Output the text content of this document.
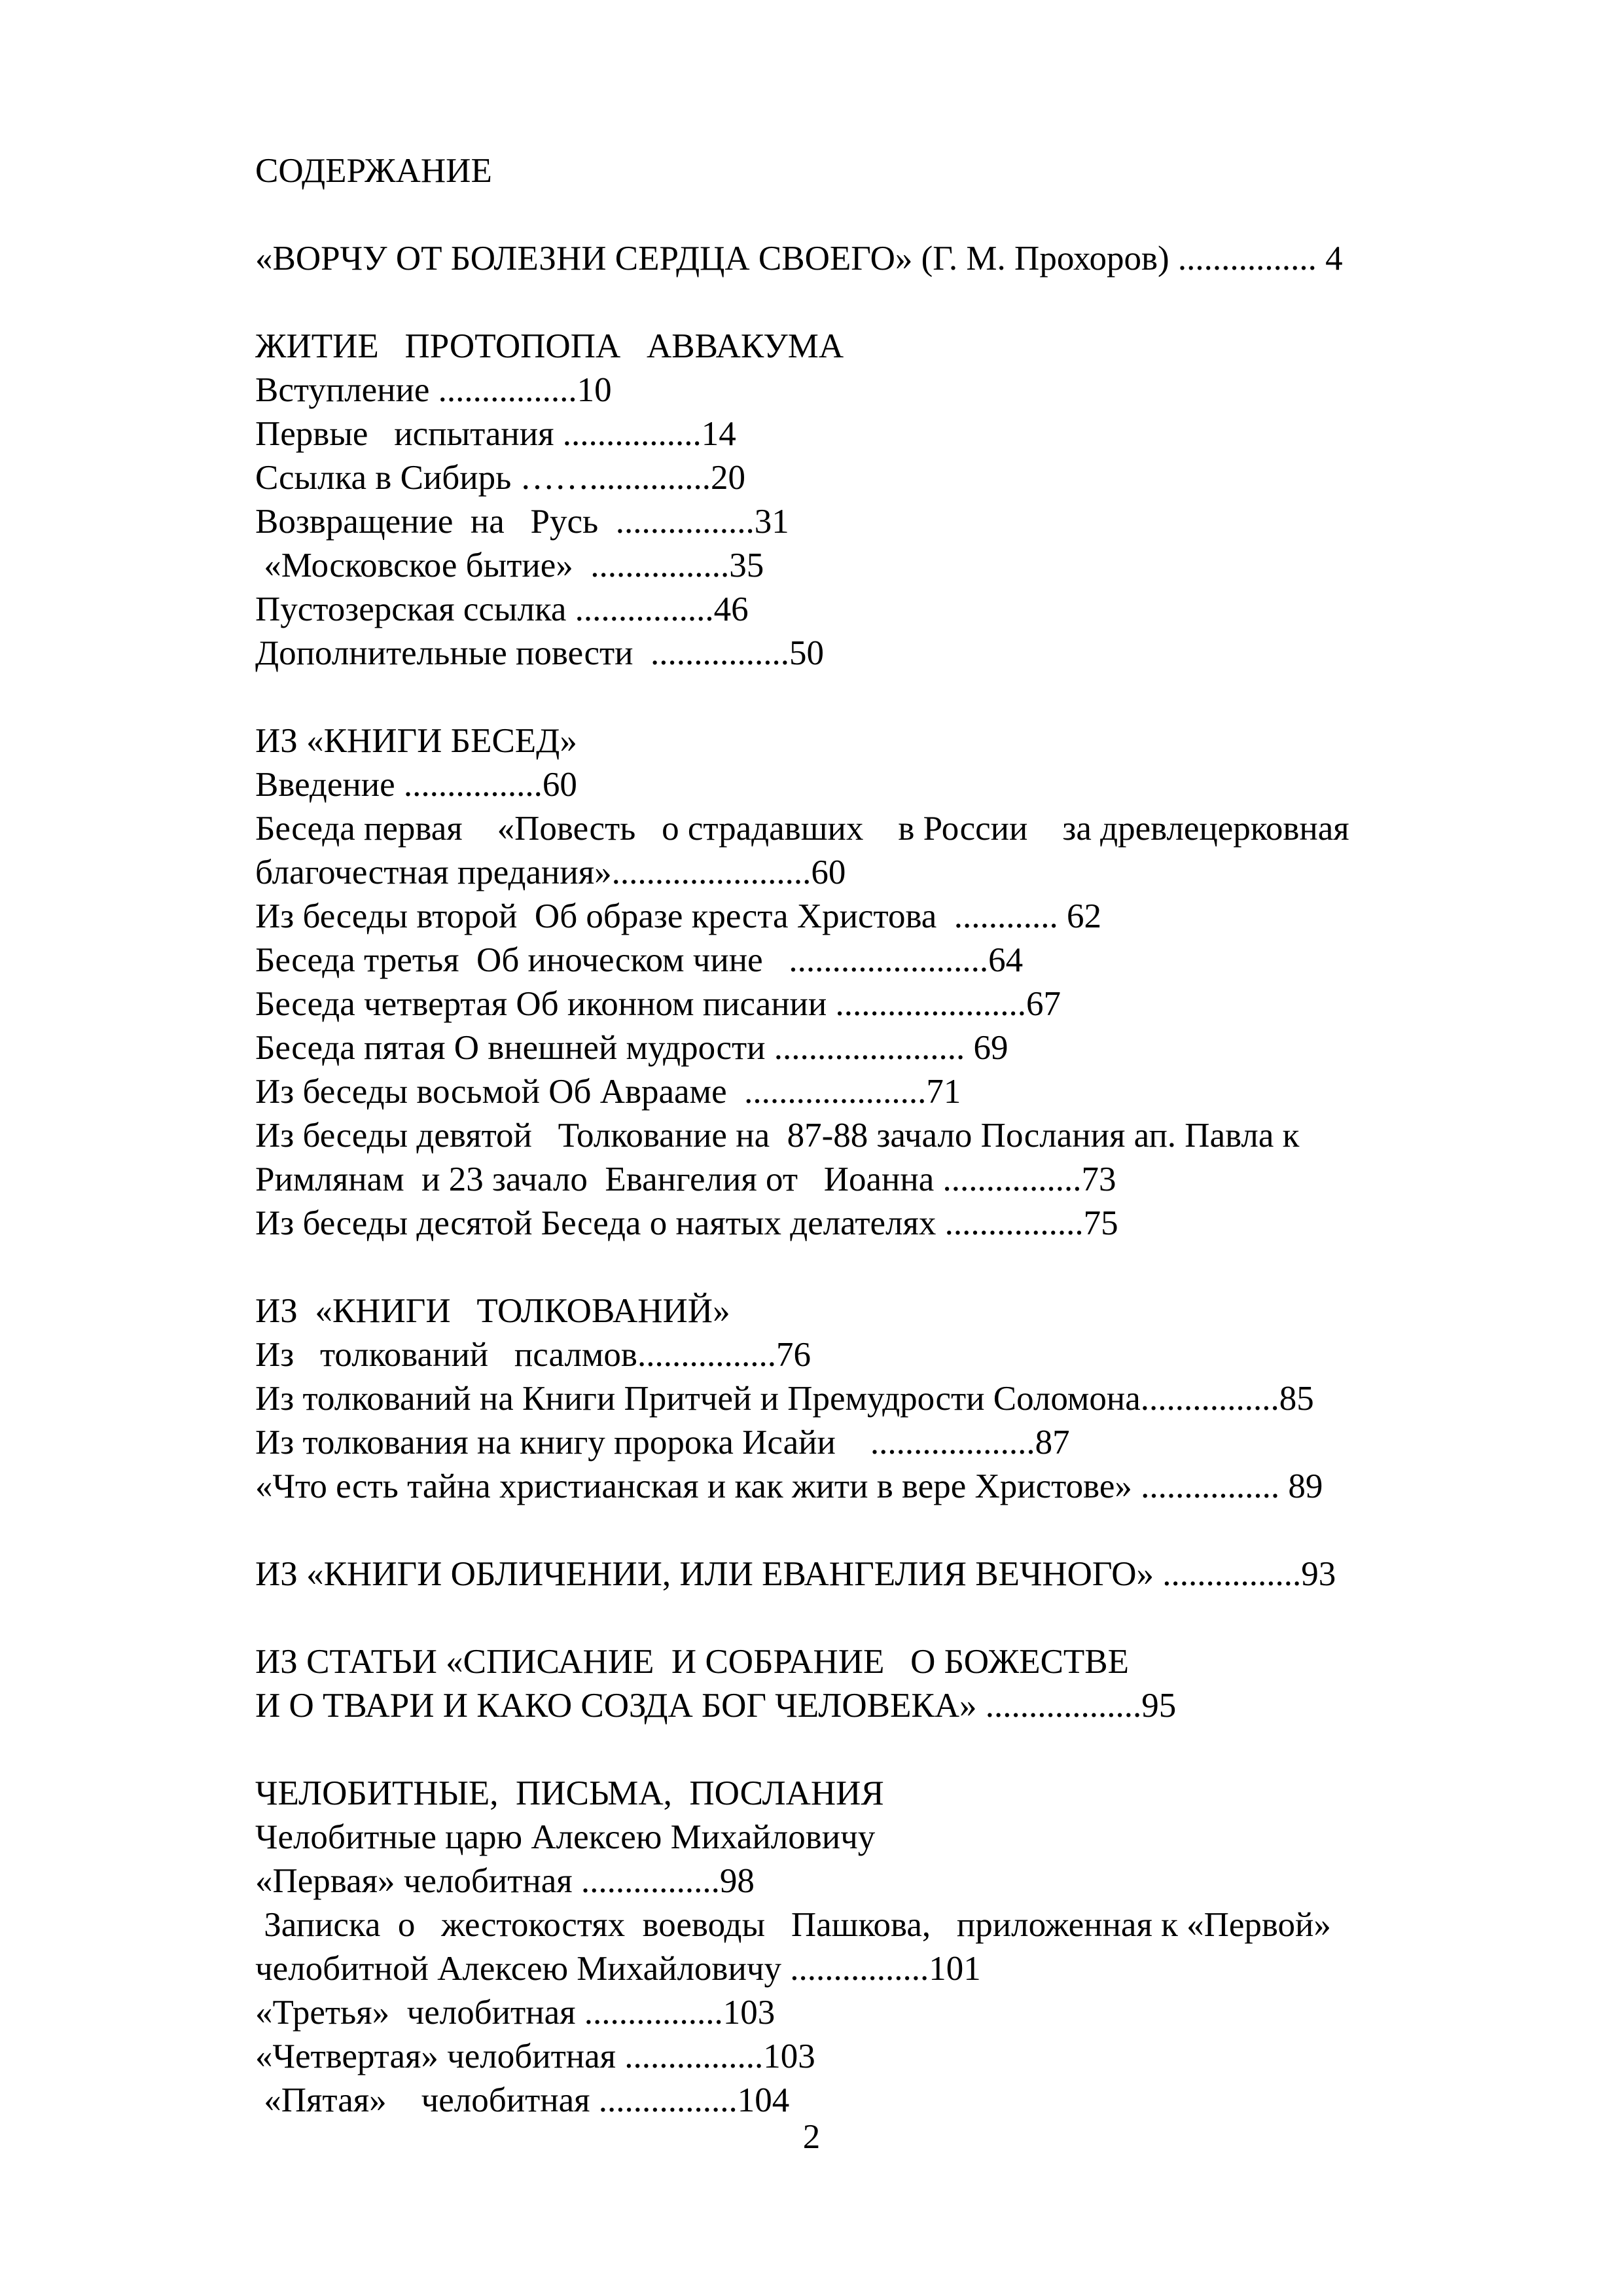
СОДЕРЖАНИЕ
«ВОРЧУ ОТ БОЛЕЗНИ СЕРДЦА СВОЕГО» (Г. М. Прохоров) ................ 4
ЖИТИЕ   ПРОТОПОПА   АВВАКУМА
Вступление ................10
Первые   испытания ................14
Ссылка в Сибирь ……..............20
Возвращение  на   Русь  ................31
«Московское бытие»  ................35
Пустозерская ссылка ................46
Дополнительные повести  ................50
ИЗ «КНИГИ БЕСЕД»
Введение ................60
Беседа первая    «Повесть   о страдавших    в России    за древлецерковная
благочестная предания».......................60
Из беседы второй  Об образе креста Христова  ............ 62
Беседа третья  Об иноческом чине   .......................64
Беседа четвертая Об иконном писании ......................67
Беседа пятая О внешней мудрости ...................... 69
Из беседы восьмой Об Аврааме  .....................71
Из беседы девятой   Толкование на  87-88 зачало Послания ап. Павла к
Римлянам  и 23 зачало  Евангелия от   Иоанна ................73
Из беседы десятой Беседа о наятых делателях ................75
ИЗ  «КНИГИ   ТОЛКОВАНИЙ»
Из   толкований   псалмов................76
Из толкований на Книги Притчей и Премудрости Соломона................85
Из толкования на книгу пророка Исайи    ...................87
«Что есть тайна христианская и как жити в вере Христове» ................ 89
ИЗ «КНИГИ ОБЛИЧЕНИИ, ИЛИ ЕВАНГЕЛИЯ ВЕЧНОГО» ................93
ИЗ СТАТЬИ «СПИСАНИЕ  И СОБРАНИЕ   О БОЖЕСТВЕ
И О ТВАРИ И КАКО СОЗДА БОГ ЧЕЛОВЕКА» ..................95
ЧЕЛОБИТНЫЕ,  ПИСЬМА,  ПОСЛАНИЯ
Челобитные царю Алексею Михайловичу
«Первая» челобитная ................98
Записка  о   жестокостях  воеводы   Пашкова,   приложенная к «Первой»
челобитной Алексею Михайловичу ................101
«Третья»  челобитная ................103
«Четвертая» челобитная ................103
«Пятая»    челобитная ................104
2
